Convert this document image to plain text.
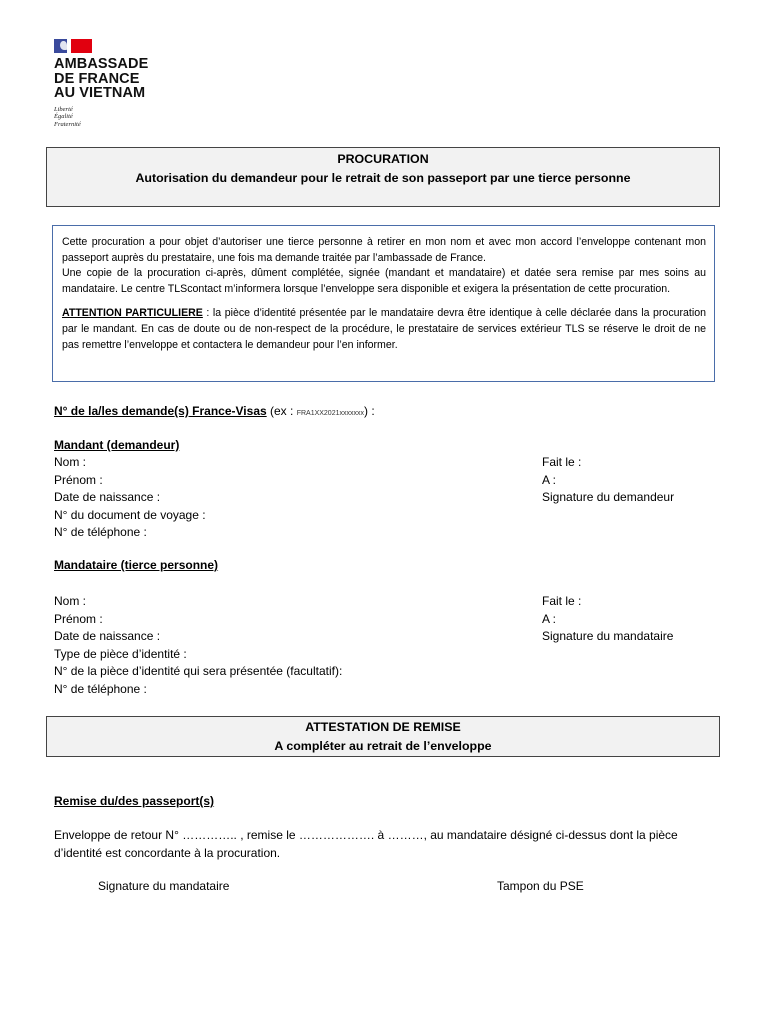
AMBASSADE
DE FRANCE
AU VIETNAM
Liberté
Égalité
Fraternité
PROCURATION
Autorisation du demandeur pour le retrait de son passeport par une tierce personne

Cette procuration a pour objet d’autoriser une tierce personne à retirer en mon nom et avec mon accord l’enveloppe contenant mon passeport auprès du prestataire, une fois ma demande traitée par l’ambassade de France.

Une copie de la procuration ci-après, dûment complétée, signée (mandant et mandataire) et datée sera remise par mes soins au mandataire. Le centre TLScontact m’informera lorsque l’enveloppe sera disponible et exigera la présentation de cette procuration.

ATTENTION PARTICULIERE : la pièce d’identité présentée par le mandataire devra être identique à celle déclarée dans la procuration par le mandant. En cas de doute ou de non-respect de la procédure, le prestataire de services extérieur TLS se réserve le droit de ne pas remettre l’enveloppe et contactera le demandeur pour l’en informer.

N° de la/les demande(s) France-Visas (ex : FRA1XX2021xxxxxxx) :
Mandant (demandeur)
Nom :
Prénom :
Date de naissance :
N° du document de voyage :
N° de téléphone :
Fait le :
A :
Signature du demandeur
Mandataire (tierce personne)
Nom :
Prénom :
Date de naissance :
Type de pièce d’identité :
N° de la pièce d’identité qui sera présentée (facultatif):
N° de téléphone :
Fait le :
A :
Signature du mandataire
ATTESTATION DE REMISE
A compléter au retrait de l’enveloppe
Remise du/des passeport(s)
Enveloppe de retour N° ………….. , remise le ………………. à ………, au mandataire désigné ci-dessus dont la pièce
d’identité est concordante à la procuration.
Signature du mandataire	Tampon du PSE
